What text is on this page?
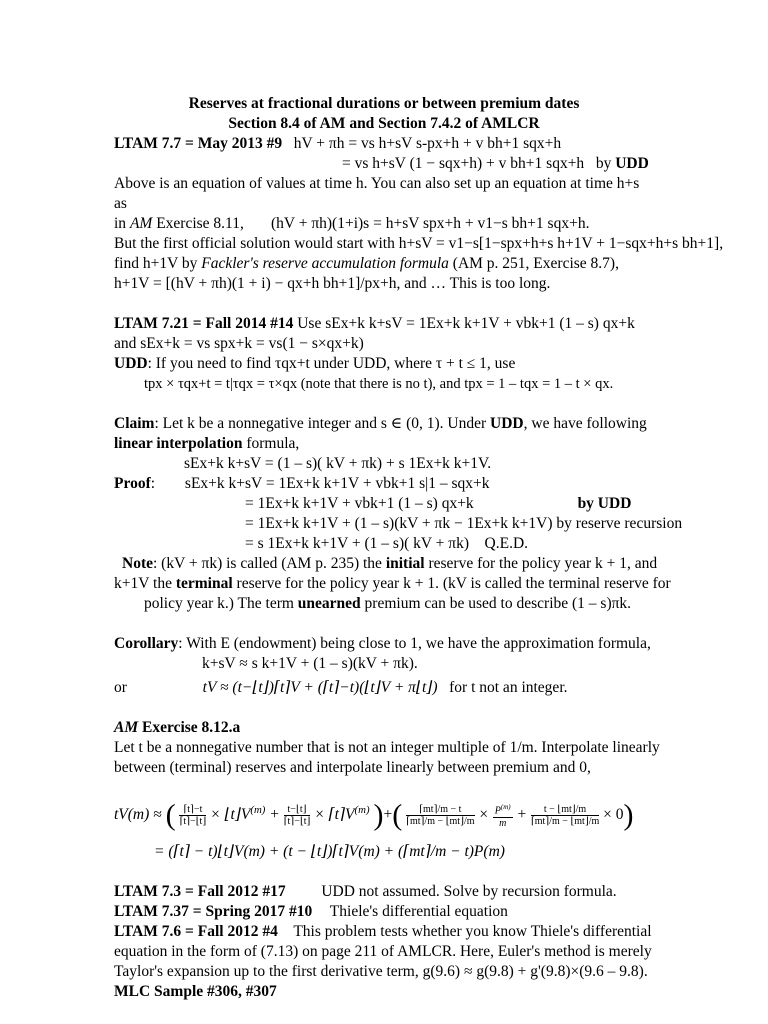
Reserves at fractional durations or between premium dates
Section 8.4 of AM and Section 7.4.2 of AMLCR
LTAM 7.7 = May 2013 #9 hV + πh = vs h+sV s-px+h + v bh+1 sqx+h
= vs h+sV (1 − sqx+h) + v bh+1 sqx+h by UDD
Above is an equation of values at time h. You can also set up an equation at time h+s as
in AM Exercise 8.11, (hV + πh)(1+i)s = h+sV spx+h + v1−s bh+1 sqx+h.
But the first official solution would start with h+sV = v1−s[1−spx+h+s h+1V + 1−sqx+h+s bh+1],
find h+1V by Fackler's reserve accumulation formula (AM p. 251, Exercise 8.7),
h+1V = [(hV + πh)(1 + i) − qx+h bh+1]/px+h, and … This is too long.
LTAM 7.21 = Fall 2014 #14 Use sEx+k k+sV = 1Ex+k k+1V + vbk+1 (1 – s) qx+k
and sEx+k = vs spx+k = vs(1 − s×qx+k)
UDD: If you need to find τqx+t under UDD, where τ + t ≤ 1, use
tpx × τqx+t = t|τqx = τ×qx (note that there is no t), and tpx = 1 – tqx = 1 – t × qx.
Claim: Let k be a nonnegative integer and s ∈ (0, 1). Under UDD, we have following
linear interpolation formula,
sEx+k k+sV = (1 – s)( kV + πk) + s 1Ex+k k+1V.
Proof: sEx+k k+sV = 1Ex+k k+1V + vbk+1 s|1 – sqx+k
= 1Ex+k k+1V + vbk+1 (1 – s) qx+k	by UDD
= 1Ex+k k+1V + (1 – s)(kV + πk − 1Ex+k k+1V) by reserve recursion
= s 1Ex+k k+1V + (1 – s)( kV + πk) Q.E.D.
Note: (kV + πk) is called (AM p. 235) the initial reserve for the policy year k + 1, and
k+1V the terminal reserve for the policy year k + 1. (kV is called the terminal reserve for
policy year k.) The term unearned premium can be used to describe (1 – s)πk.
Corollary: With E (endowment) being close to 1, we have the approximation formula,
k+sV ≈ s k+1V + (1 – s)(kV + πk).
or	tV ≈ (t−⌊t⌋)⌈t⌉V + (⌈t⌉−t)(⌊t⌋V + π⌊t⌋) for t not an integer.
AM Exercise 8.12.a
Let t be a nonnegative number that is not an integer multiple of 1/m. Interpolate linearly
between (terminal) reserves and interpolate linearly between premium and 0,
tV(m) ≈ ( $\frac{⌈t⌉-t}{⌈t⌉-⌊t⌋}$ × $⌊t⌋V^{(m)} + \frac{t-⌊t⌋}{⌈t⌉-⌊t⌋}$ × $⌈t⌉V^{(m)}$ )+( $\frac{⌈mt⌉/m - t}{⌈mt⌉/m - ⌊mt⌋/m} \times \frac{P^{(m)}}{m} + \frac{t - ⌊mt⌋/m}{⌈mt⌉/m - ⌊mt⌋/m} \times 0$)
= (⌈t⌉ − t)⌊t⌋V(m) + (t − ⌊t⌋)⌈t⌉V(m) + (⌈mt⌉/m − t)P(m)
LTAM 7.3 = Fall 2012 #17 UDD not assumed. Solve by recursion formula.
LTAM 7.37 = Spring 2017 #10 Thiele's differential equation
LTAM 7.6 = Fall 2012 #4 This problem tests whether you know Thiele's differential
equation in the form of (7.13) on page 211 of AMLCR. Here, Euler's method is merely
Taylor's expansion up to the first derivative term, g(9.6) ≈ g(9.8) + g'(9.8)×(9.6 – 9.8).
MLC Sample #306, #307
